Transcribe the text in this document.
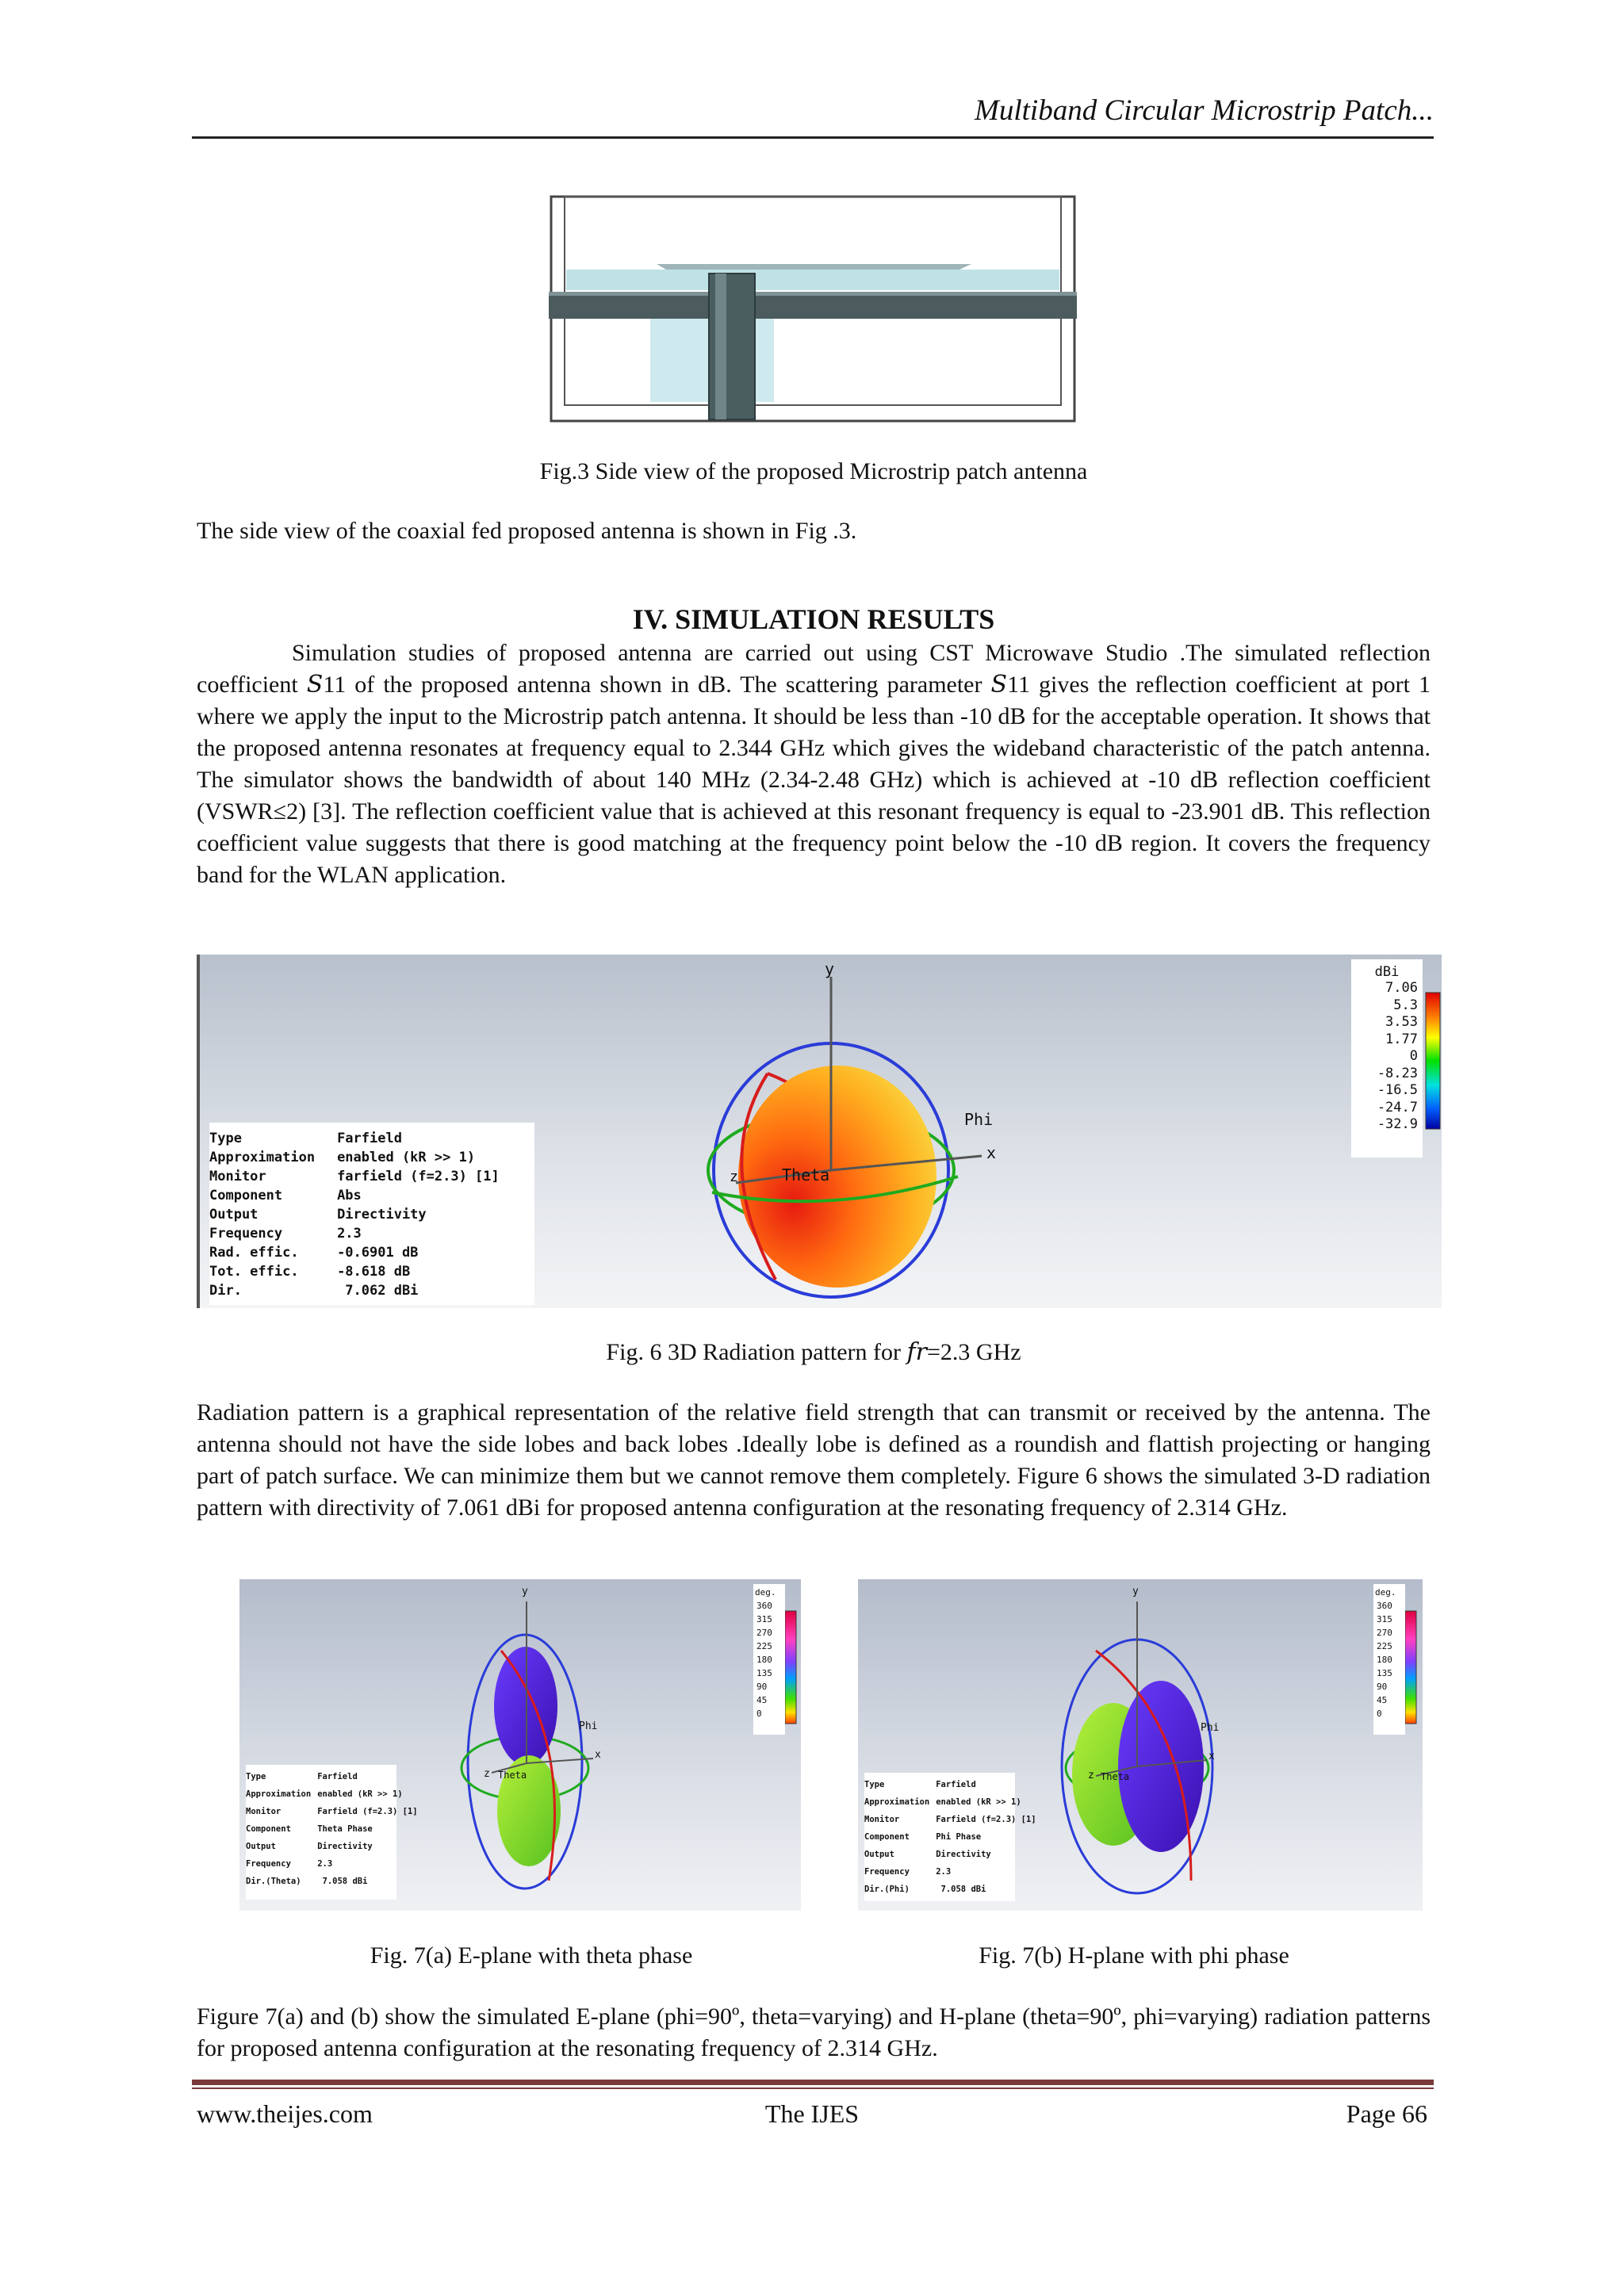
Multiband Circular Microstrip Patch...
Fig.3 Side view of the proposed Microstrip patch antenna
The side view of the coaxial fed proposed antenna is shown in Fig .3.
IV. SIMULATION RESULTS
Simulation studies of proposed antenna are carried out using CST Microwave Studio .The simulated reflection coefficient S11 of the proposed antenna shown in dB. The scattering parameter S11 gives the reflection coefficient at port 1 where we apply the input to the Microstrip patch antenna. It should be less than -10 dB for the acceptable operation. It shows that the proposed antenna resonates at frequency equal to 2.344 GHz which gives the wideband characteristic of the patch antenna. The simulator shows the bandwidth of about 140 MHz (2.34-2.48 GHz) which is achieved at -10 dB reflection coefficient (VSWR≤2) [3]. The reflection coefficient value that is achieved at this resonant frequency is equal to -23.901 dB. This reflection coefficient value suggests that there is good matching at the frequency point below the -10 dB region. It covers the frequency band for the WLAN application.
y
x
z
Phi
Theta
dBi
7.06
5.3
3.53
1.77
0
-8.23
-16.5
-24.7
-32.9
Type	Farfield
Approximation	enabled (kR >> 1)
Monitor	farfield (f=2.3) [1]
Component	Abs
Output	Directivity
Frequency	2.3
Rad. effic.	-0.6901 dB
Tot. effic.	-8.618 dB
Dir.	7.062 dBi
Fig. 6 3D Radiation pattern for fr=2.3 GHz
Radiation pattern is a graphical representation of the relative field strength that can transmit or received by the antenna. The antenna should not have the side lobes and back lobes .Ideally lobe is defined as a roundish and flattish projecting or hanging part of patch surface. We can minimize them but we cannot remove them completely. Figure 6 shows the simulated 3-D radiation pattern with directivity of 7.061 dBi for proposed antenna configuration at the resonating frequency of 2.314 GHz.
y
x
z
Phi
Theta
deg.
360
315
270
225
180
135
90
45
0
Type	Farfield
Approximation	enabled (kR >> 1)
Monitor	Farfield (f=2.3) [1]
Component	Theta Phase
Output	Directivity
Frequency	2.3
Dir.(Theta)	7.058 dBi
Fig. 7(a) E-plane with theta phase
y
x
z
Phi
Theta
deg.
360
315
270
225
180
135
90
45
0
Type	Farfield
Approximation	enabled (kR >> 1)
Monitor	Farfield (f=2.3) [1]
Component	Phi Phase
Output	Directivity
Frequency	2.3
Dir.(Phi)	7.058 dBi
Fig. 7(b) H-plane with phi phase
Figure 7(a) and (b) show the simulated E-plane (phi=90º, theta=varying) and H-plane (theta=90º, phi=varying) radiation patterns for proposed antenna configuration at the resonating frequency of 2.314 GHz.
www.theijes.com	The IJES	Page 66
